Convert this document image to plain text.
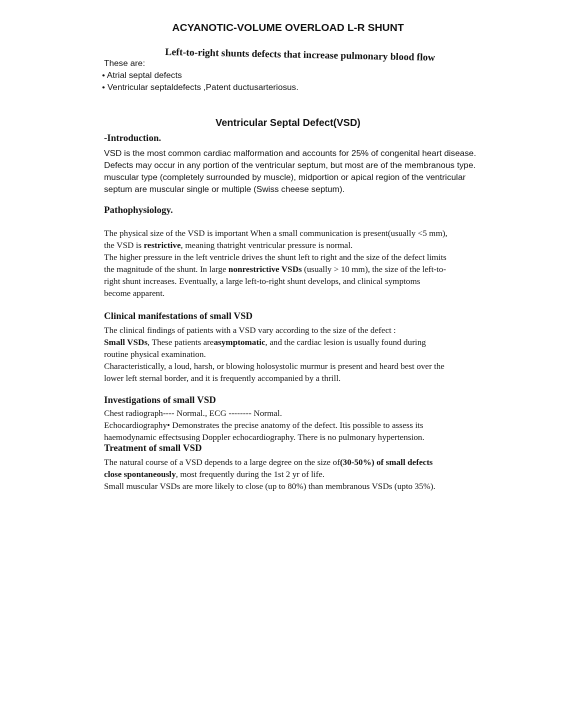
ACYANOTIC-VOLUME OVERLOAD L-R SHUNT
Left-to-right shunts defects that increase pulmonary blood flow
These are:
• Atrial septal defects
• Ventricular septaldefects ,Patent ductusarteriosus.
Ventricular Septal Defect(VSD)
-Introduction.
VSD is the most common cardiac malformation and accounts for 25% of congenital heart disease.
Defects may occur in any portion of the ventricular septum, but most are of the membranous type.
muscular type (completely surrounded by muscle), midportion or apical region of the ventricular
septum are muscular single or multiple (Swiss cheese septum).
Pathophysiology.
The physical size of the VSD is important When a small communication is present(usually <5 mm),
the VSD is restrictive, meaning thatright ventricular pressure is normal.
The higher pressure in the left ventricle drives the shunt left to right and the size of the defect limits
the magnitude of the shunt. In large nonrestrictive VSDs (usually > 10 mm), the size of the left-to-
right shunt increases. Eventually, a large left-to-right shunt develops, and clinical symptoms
become apparent.
Clinical manifestations of small VSD
The clinical findings of patients with a VSD vary according to the size of the defect :
Small VSDs, These patients areasymptomatic, and the cardiac lesion is usually found during
routine physical examination.
Characteristically, a loud, harsh, or blowing holosystolic murmur is present and heard best over the
lower left sternal border, and it is frequently accompanied by a thrill.
Investigations of small VSD
Chest radiograph---- Normal., ECG -------- Normal.
Echocardiography• Demonstrates the precise anatomy of the defect. Itis possible to assess its
haemodynamic effectsusing Doppler echocardiography. There is no pulmonary hypertension.
Treatment of small VSD
The natural course of a VSD depends to a large degree on the size of(30-50%) of small defects
close spontaneously, most frequently during the 1st 2 yr of life.
Small muscular VSDs are more likely to close (up to 80%) than membranous VSDs (upto 35%).
